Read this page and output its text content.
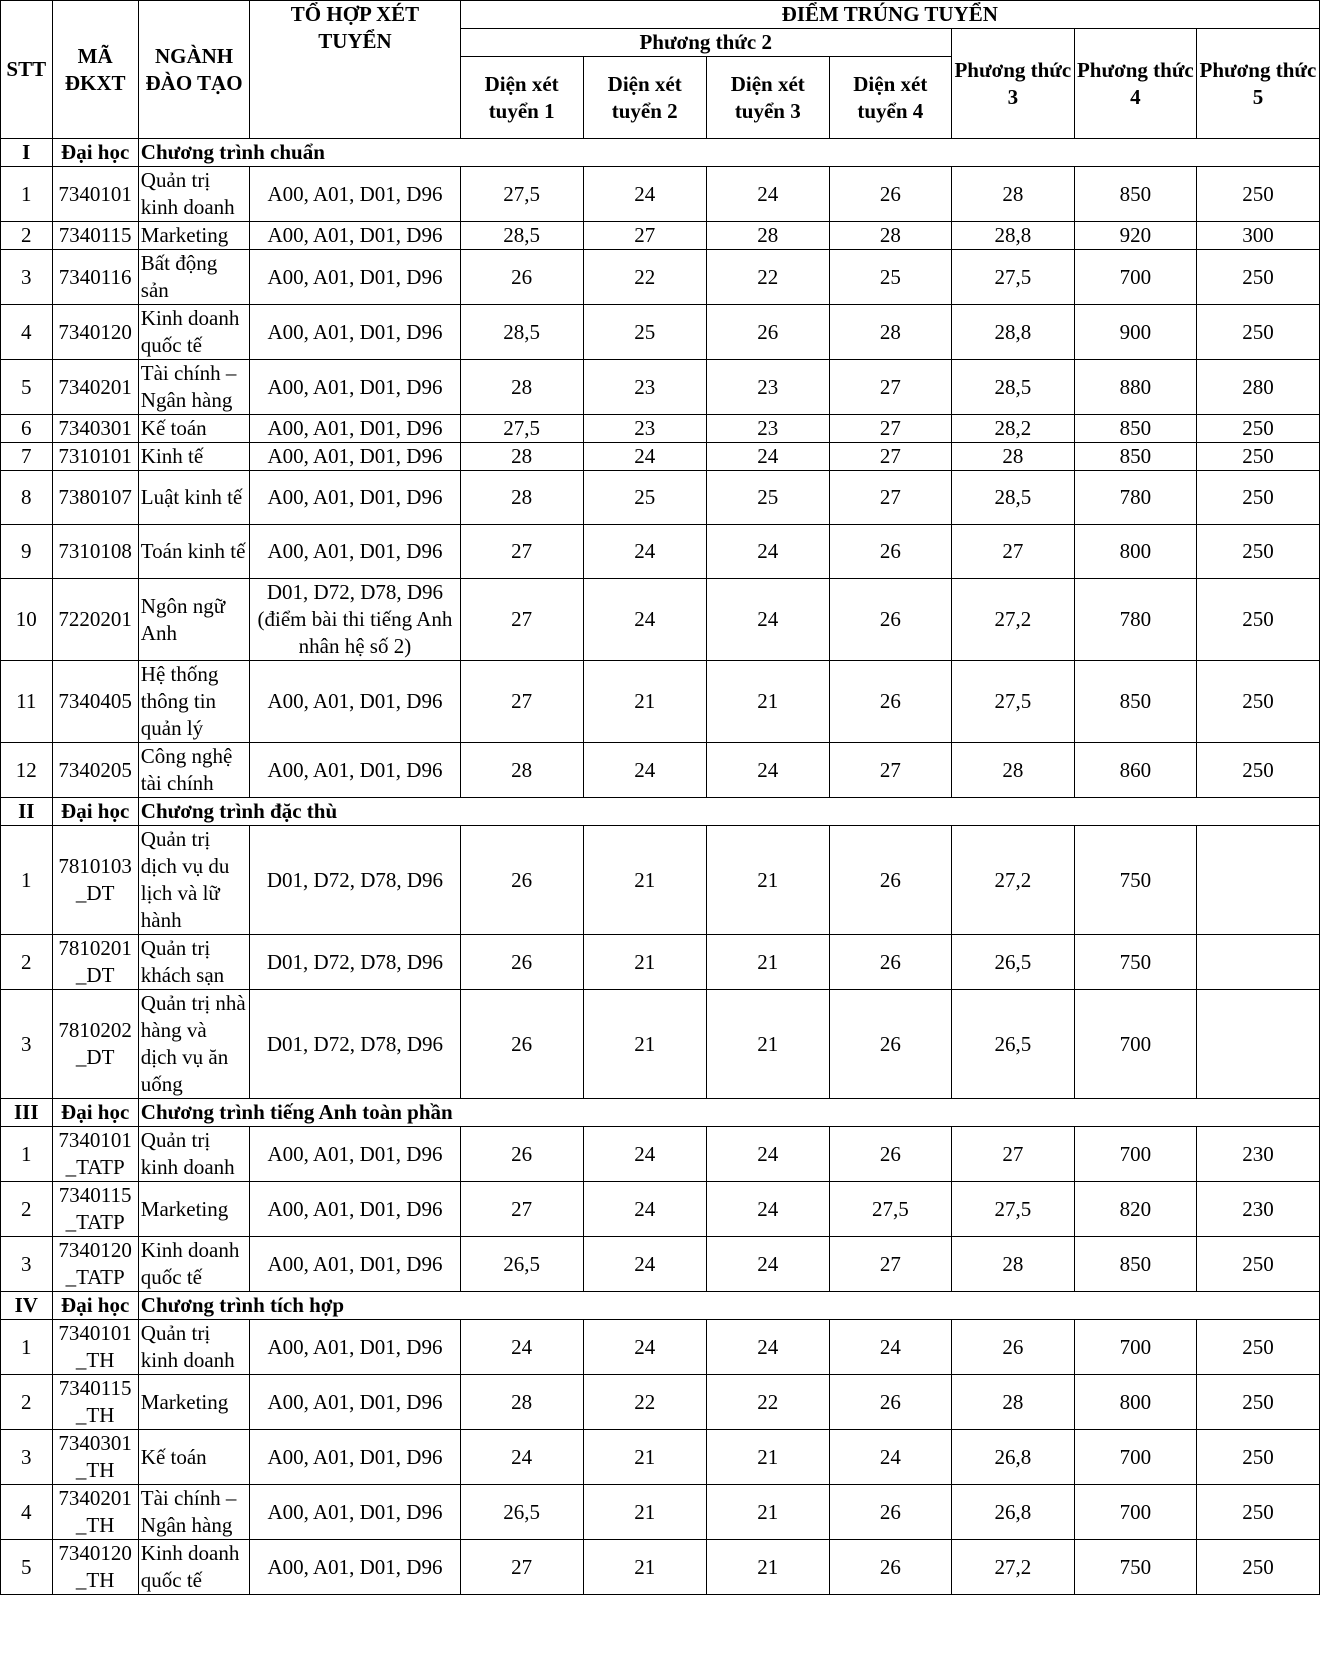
STT	MÃ ĐKXT	NGÀNH ĐÀO TẠO	TỔ HỢP XÉT TUYỂN	ĐIỂM TRÚNG TUYỂN						
				Phương thức 2				Phương thức 3	Phương thức 4	Phương thức 5
				Diện xét tuyển 1	Diện xét tuyển 2	Diện xét tuyển 3	Diện xét tuyển 4			
I	Đại học	Chương trình chuẩn								
1	7340101	Quản trị kinh doanh	A00, A01, D01, D96	27,5	24	24	26	28	850	250
2	7340115	Marketing	A00, A01, D01, D96	28,5	27	28	28	28,8	920	300
3	7340116	Bất động sản	A00, A01, D01, D96	26	22	22	25	27,5	700	250
4	7340120	Kinh doanh quốc tế	A00, A01, D01, D96	28,5	25	26	28	28,8	900	250
5	7340201	Tài chính – Ngân hàng	A00, A01, D01, D96	28	23	23	27	28,5	880	280
6	7340301	Kế toán	A00, A01, D01, D96	27,5	23	23	27	28,2	850	250
7	7310101	Kinh tế	A00, A01, D01, D96	28	24	24	27	28	850	250
8	7380107	Luật kinh tế	A00, A01, D01, D96	28	25	25	27	28,5	780	250
9	7310108	Toán kinh tế	A00, A01, D01, D96	27	24	24	26	27	800	250
10	7220201	Ngôn ngữ Anh	D01, D72, D78, D96 (điểm bài thi tiếng Anh nhân hệ số 2)	27	24	24	26	27,2	780	250
11	7340405	Hệ thống thông tin quản lý	A00, A01, D01, D96	27	21	21	26	27,5	850	250
12	7340205	Công nghệ tài chính	A00, A01, D01, D96	28	24	24	27	28	860	250
II	Đại học	Chương trình đặc thù								
1	7810103 _DT	Quản trị dịch vụ du lịch và lữ hành	D01, D72, D78, D96	26	21	21	26	27,2	750	
2	7810201 _DT	Quản trị khách sạn	D01, D72, D78, D96	26	21	21	26	26,5	750	
3	7810202 _DT	Quản trị nhà hàng và dịch vụ ăn uống	D01, D72, D78, D96	26	21	21	26	26,5	700	
III	Đại học	Chương trình tiếng Anh toàn phần								
1	7340101 _TATP	Quản trị kinh doanh	A00, A01, D01, D96	26	24	24	26	27	700	230
2	7340115 _TATP	Marketing	A00, A01, D01, D96	27	24	24	27,5	27,5	820	230
3	7340120 _TATP	Kinh doanh quốc tế	A00, A01, D01, D96	26,5	24	24	27	28	850	250
IV	Đại học	Chương trình tích hợp								
1	7340101 _TH	Quản trị kinh doanh	A00, A01, D01, D96	24	24	24	24	26	700	250
2	7340115 _TH	Marketing	A00, A01, D01, D96	28	22	22	26	28	800	250
3	7340301 _TH	Kế toán	A00, A01, D01, D96	24	21	21	24	26,8	700	250
4	7340201 _TH	Tài chính – Ngân hàng	A00, A01, D01, D96	26,5	21	21	26	26,8	700	250
5	7340120 _TH	Kinh doanh quốc tế	A00, A01, D01, D96	27	21	21	26	27,2	750	250
